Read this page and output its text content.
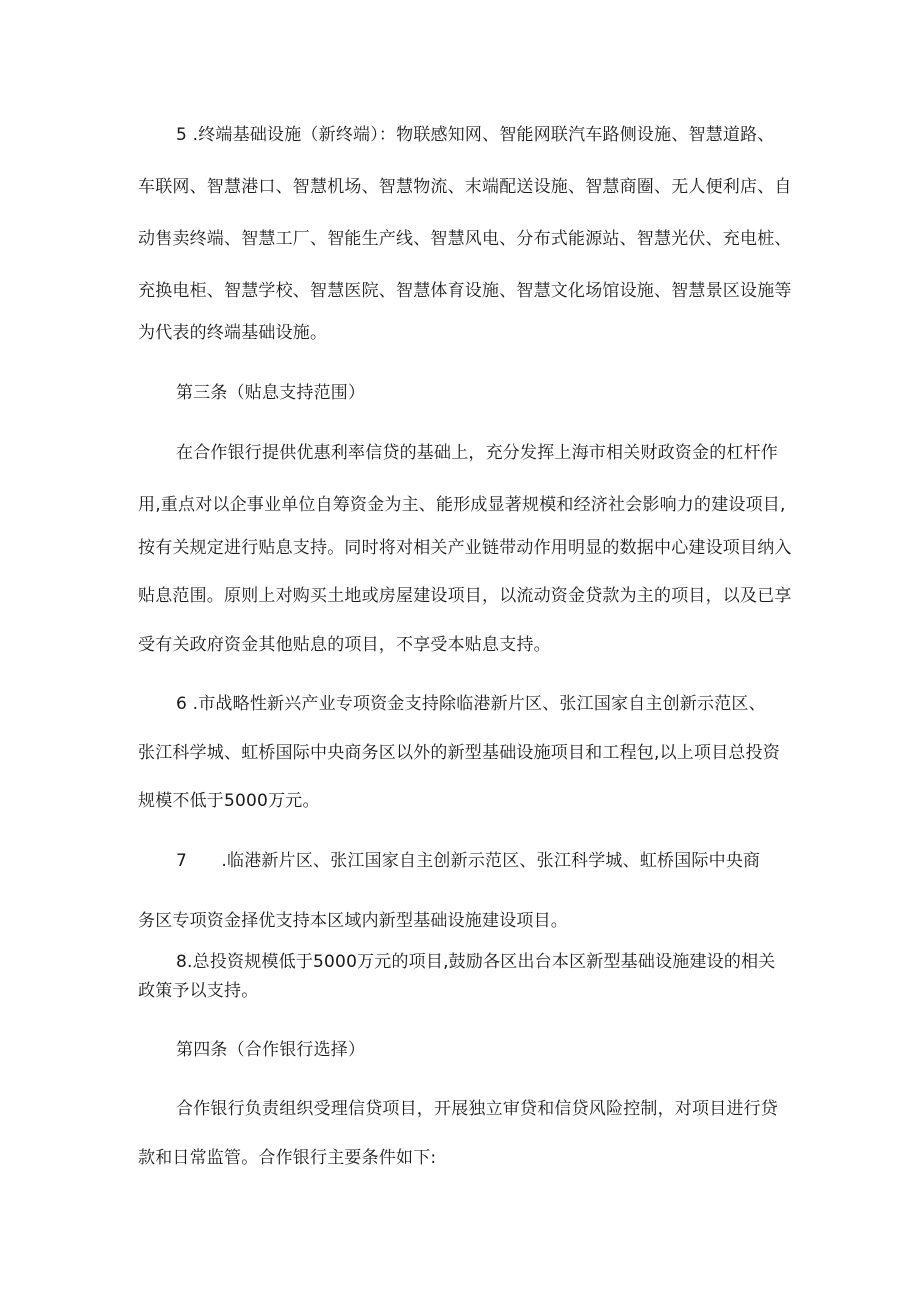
5 .终端基础设施（新终端）：物联感知网、智能网联汽车路侧设施、智慧道路、
车联网、智慧港口、智慧机场、智慧物流、末端配送设施、智慧商圈、无人便利店、自
动售卖终端、智慧工厂、智能生产线、智慧风电、分布式能源站、智慧光伏、充电桩、
充换电柜、智慧学校、智慧医院、智慧体育设施、智慧文化场馆设施、智慧景区设施等
为代表的终端基础设施。
第三条（贴息支持范围）
在合作银行提供优惠利率信贷的基础上，充分发挥上海市相关财政资金的杠杆作
用,重点对以企事业单位自筹资金为主、能形成显著规模和经济社会影响力的建设项目,
按有关规定进行贴息支持。同时将对相关产业链带动作用明显的数据中心建设项目纳入
贴息范围。原则上对购买土地或房屋建设项目，以流动资金贷款为主的项目，以及已享
受有关政府资金其他贴息的项目，不享受本贴息支持。
6 .市战略性新兴产业专项资金支持除临港新片区、张江国家自主创新示范区、
张江科学城、虹桥国际中央商务区以外的新型基础设施项目和工程包,以上项目总投资
规模不低于5000万元。
7  .临港新片区、张江国家自主创新示范区、张江科学城、虹桥国际中央商
务区专项资金择优支持本区域内新型基础设施建设项目。
8.总投资规模低于5000万元的项目,鼓励各区出台本区新型基础设施建设的相关
政策予以支持。
第四条（合作银行选择）
合作银行负责组织受理信贷项目，开展独立审贷和信贷风险控制，对项目进行贷
款和日常监管。合作银行主要条件如下:
